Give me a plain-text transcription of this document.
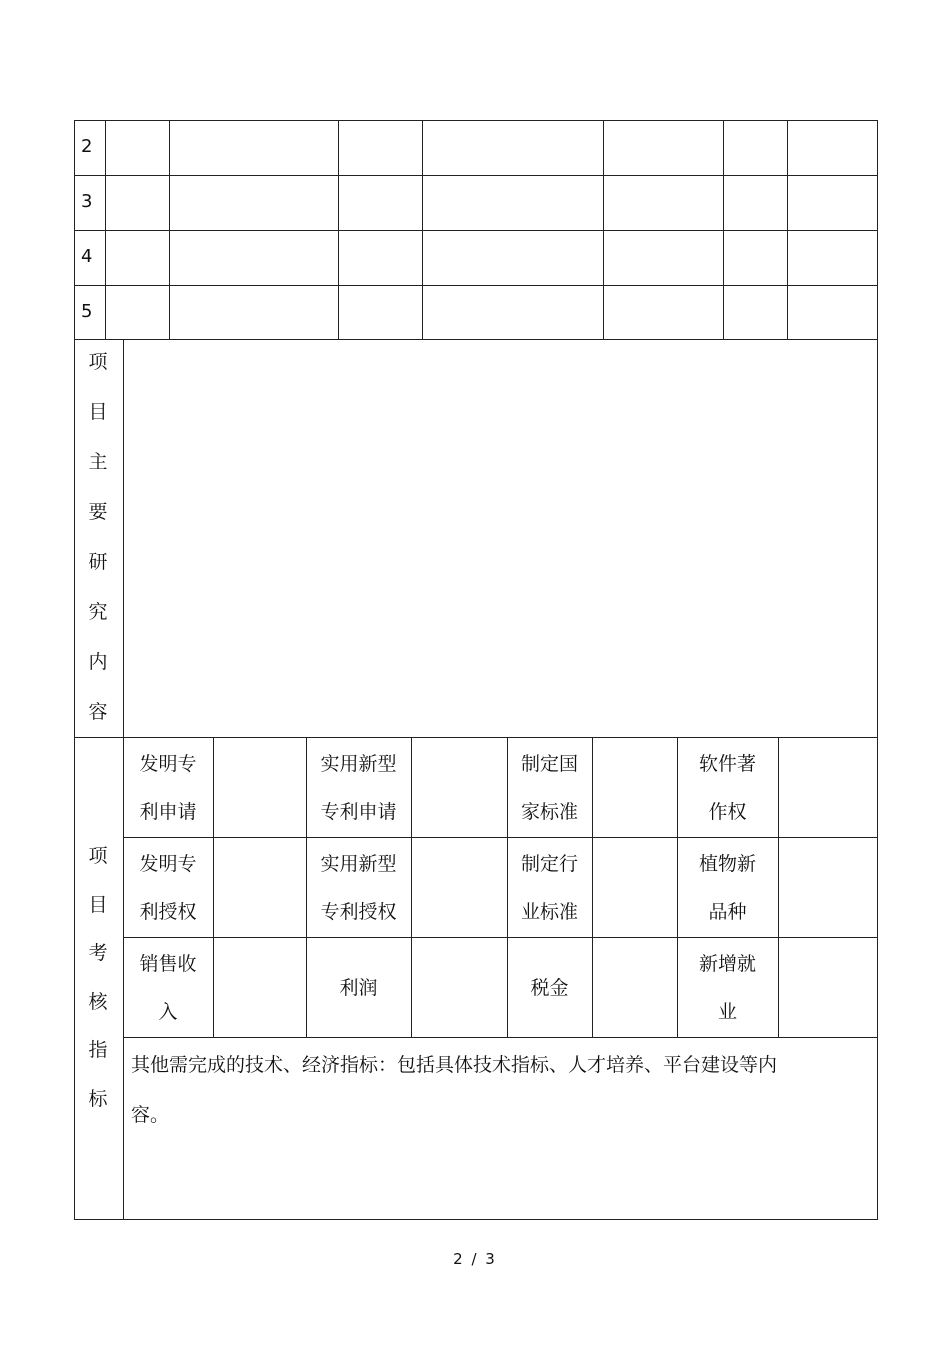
2
3
4
5
项
目
主
要
研
究
内
容
项
目
考
核
指
标
发明专
利申请
实用新型
专利申请
制定国
家标准
软件著
作权
发明专
利授权
实用新型
专利授权
制定行
业标准
植物新
品种
销售收
入
利润	税金
新增就
业
其他需完成的技术、经济指标：包括具体技术指标、人才培养、平台建设等内
容。
2 / 3
